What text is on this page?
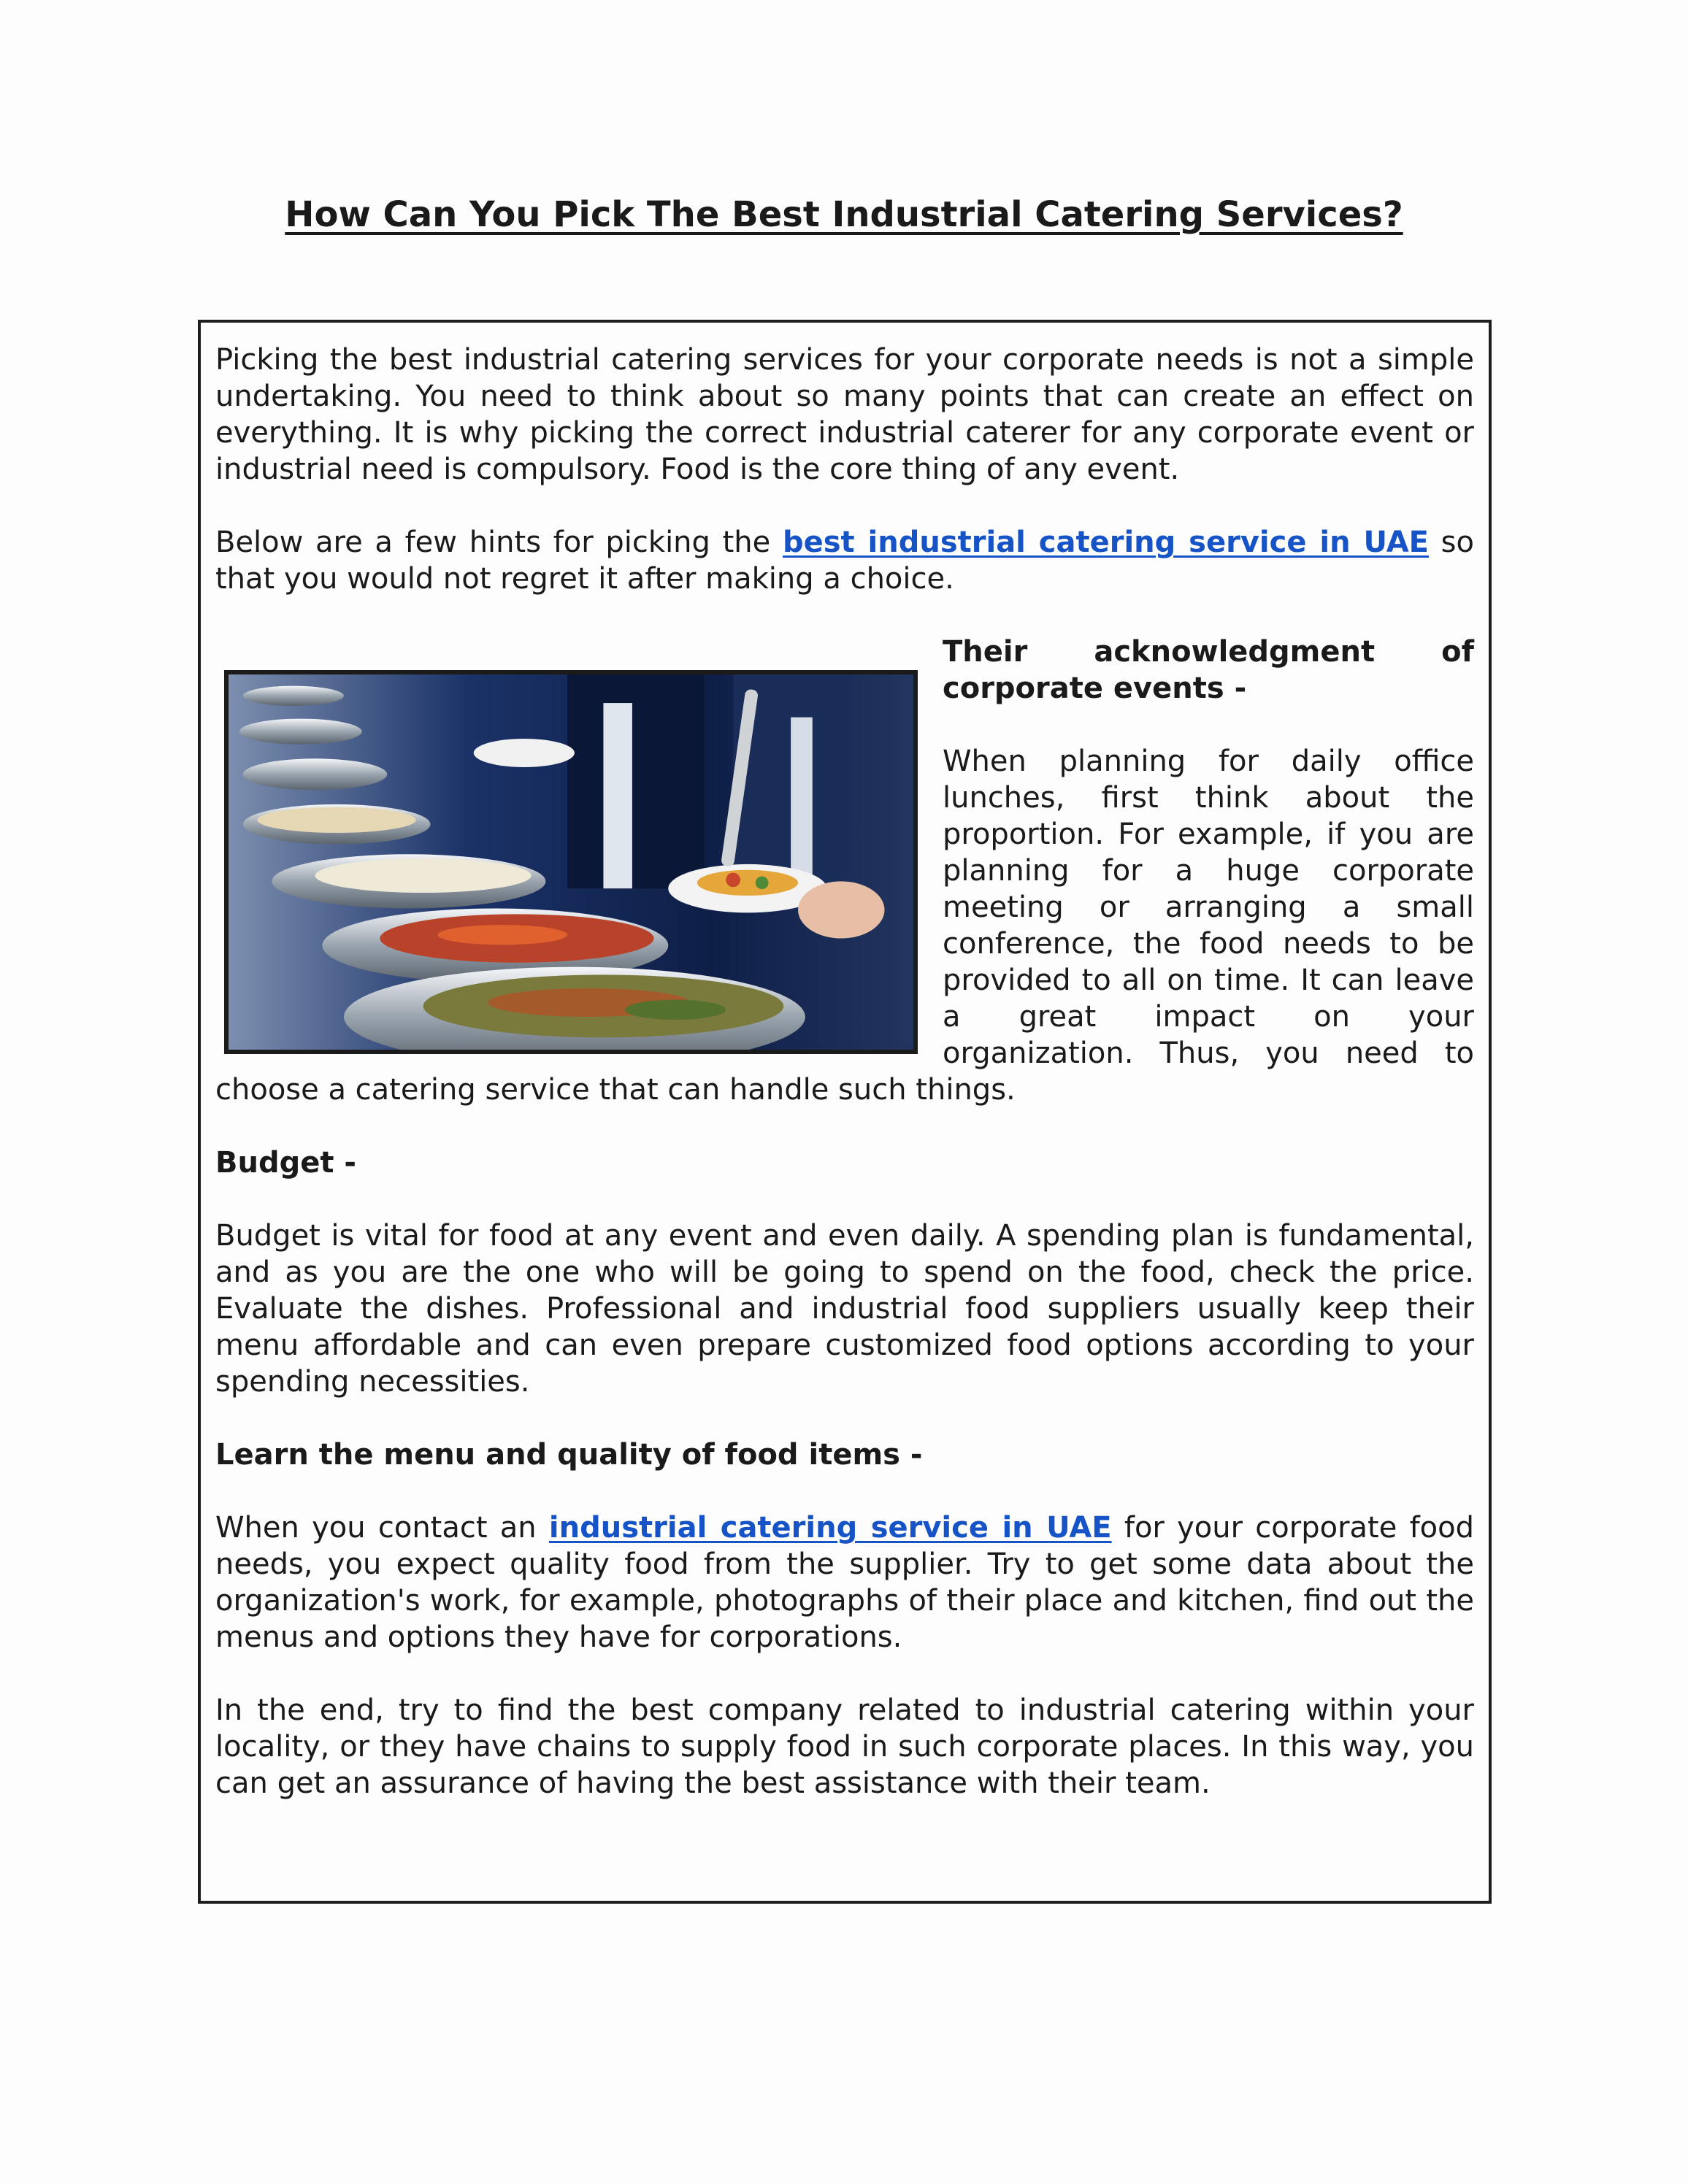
How Can You Pick The Best Industrial Catering Services?

Picking the best industrial catering services for your corporate needs is not a simple undertaking. You need to think about so many points that can create an effect on everything. It is why picking the correct industrial caterer for any corporate event or industrial need is compulsory. Food is the core thing of any event.

Below are a few hints for picking the best industrial catering service in UAE so that you would not regret it after making a choice.

Their acknowledgment of corporate events -

When planning for daily office lunches, first think about the proportion. For example, if you are planning for a huge corporate meeting or arranging a small conference, the food needs to be provided to all on time. It can leave a great impact on your organization. Thus, you need to choose a catering service that can handle such things.

Budget -

Budget is vital for food at any event and even daily. A spending plan is fundamental, and as you are the one who will be going to spend on the food, check the price. Evaluate the dishes. Professional and industrial food suppliers usually keep their menu affordable and can even prepare customized food options according to your spending necessities.

Learn the menu and quality of food items -

When you contact an industrial catering service in UAE for your corporate food needs, you expect quality food from the supplier. Try to get some data about the organization's work, for example, photographs of their place and kitchen, find out the menus and options they have for corporations.

In the end, try to find the best company related to industrial catering within your locality, or they have chains to supply food in such corporate places. In this way, you can get an assurance of having the best assistance with their team.
